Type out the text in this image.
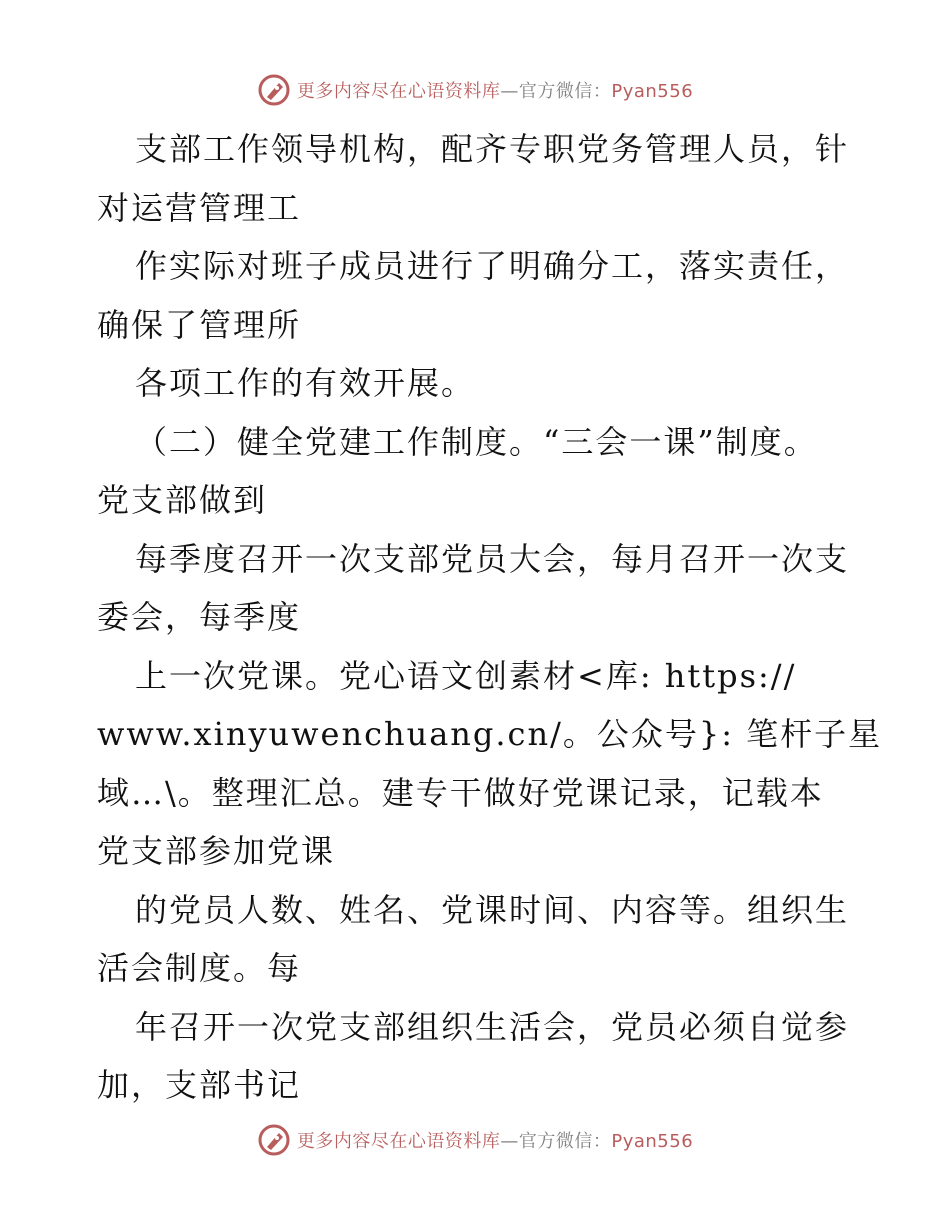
更多内容尽在心语资料库—官方微信：Pyan556
支部工作领导机构，配齐专职党务管理人员，针
对运营管理工
作实际对班子成员进行了明确分工，落实责任，
确保了管理所
各项工作的有效开展。
（二）健全党建工作制度。“三会一课”制度。
党支部做到
每季度召开一次支部党员大会，每月召开一次支
委会，每季度
上一次党课。党心语文创素材<库: https://
www.xinyuwenchuang.cn/。公众号}: 笔杆子星
域…\。整理汇总。建专干做好党课记录，记载本
党支部参加党课
的党员人数、姓名、党课时间、内容等。组织生
活会制度。每
年召开一次党支部组织生活会，党员必须自觉参
加，支部书记
更多内容尽在心语资料库—官方微信：Pyan556
